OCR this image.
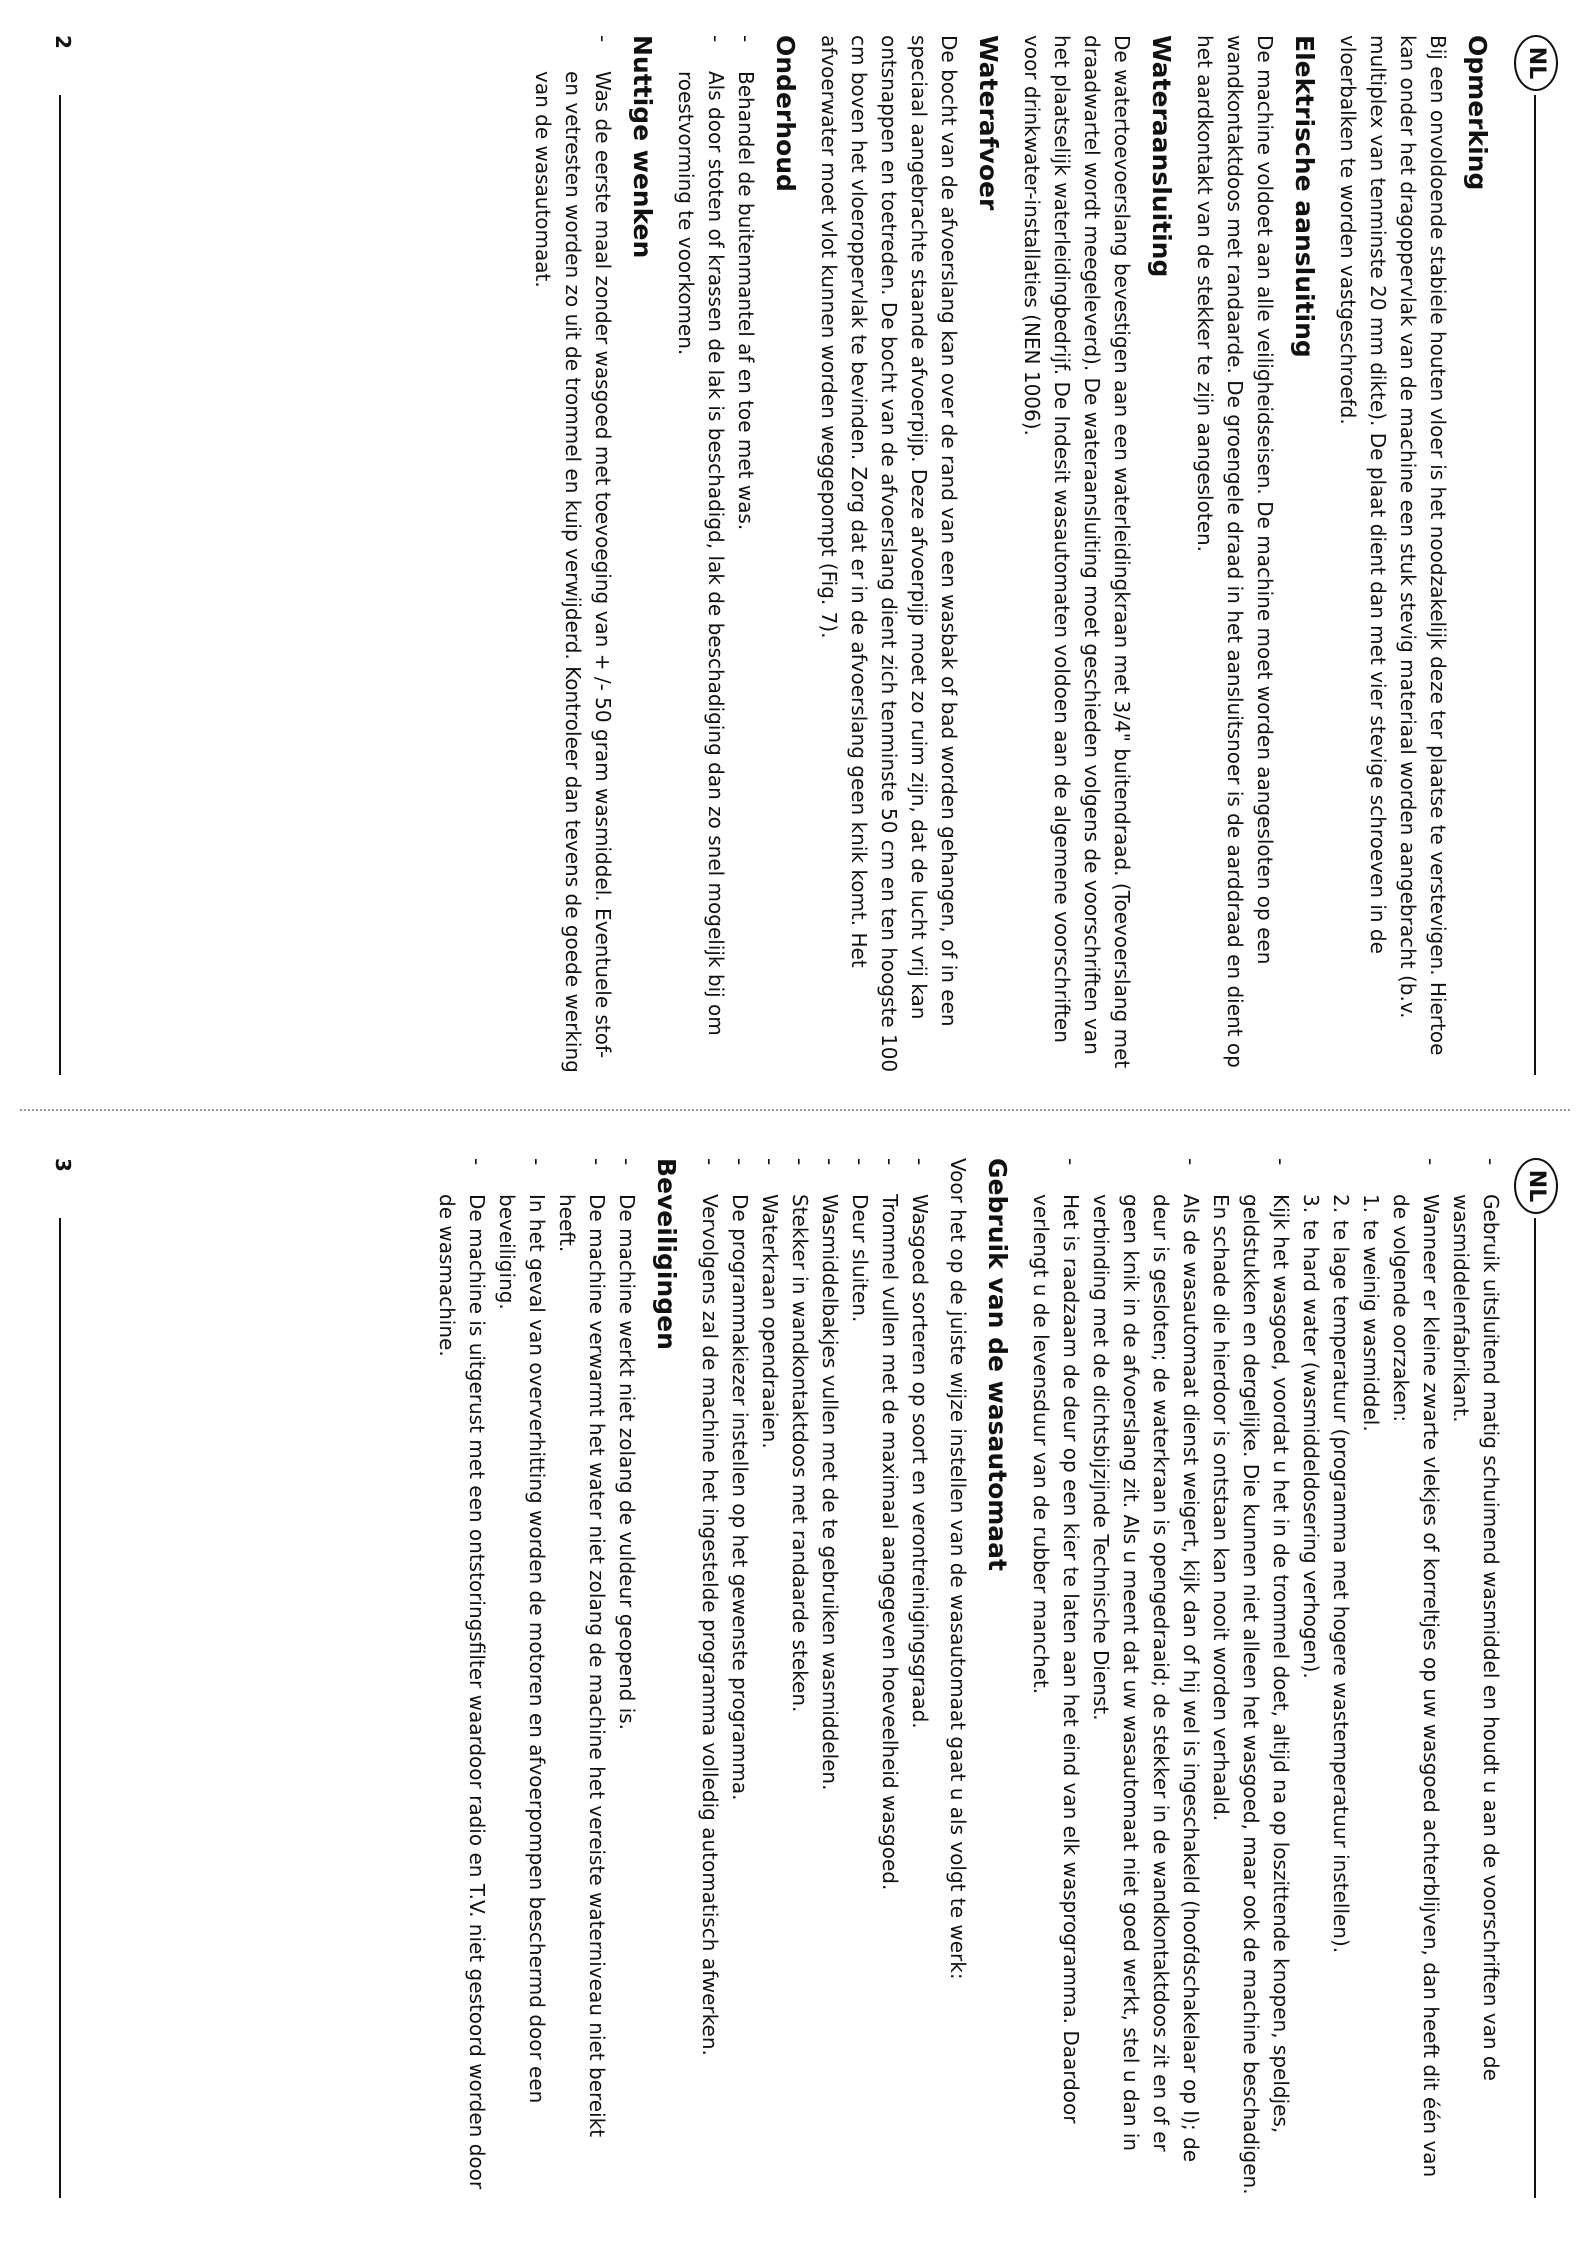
NL
Opmerking

Bij een onvoldoende stabiele houten vloer is het noodzakelijk deze ter plaatse te verstevigen. Hiertoe kan onder het dragoppervlak van de machine een stuk stevig materiaal worden aangebracht (b.v. multiplex van tenminste 20 mm dikte). De plaat dient dan met vier stevige schroeven in de vloerbalken te worden vastgeschroefd.

Elektrische aansluiting

De machine voldoet aan alle veiligheidseisen. De machine moet worden aangesloten op een wandkontaktdoos met randaarde. De groengele draad in het aansluitsnoer is de aarddraad en dient op het aardkontakt van de stekker te zijn aangesloten.

Wateraansluiting

De watertoevoerslang bevestigen aan een waterleidingkraan met 3/4" buitendraad. (Toevoerslang met draadwartel wordt meegeleverd). De wateraansluiting moet geschieden volgens de voorschriften van het plaatselijk waterleidingbedrijf. De Indesit wasautomaten voldoen aan de algemene voorschriften voor drinkwater-installaties (NEN 1006).

Waterafvoer

De bocht van de afvoerslang kan over de rand van een wasbak of bad worden gehangen, of in een speciaal aangebrachte staande afvoerpijp. Deze afvoerpijp moet zo ruim zijn, dat de lucht vrij kan ontsnappen en toetreden. De bocht van de afvoerslang dient zich tenminste 50 cm en ten hoogste 100 cm boven het vloeroppervlak te bevinden. Zorg dat er in de afvoerslang geen knik komt. Het afvoerwater moet vlot kunnen worden weggepompt (Fig. 7).

Onderhoud
-
Behandel de buitenmantel af en toe met was.
-
Als door stoten of krassen de lak is beschadigd, lak de beschadiging dan zo snel mogelijk bij om roestvorming te voorkomen.
Nuttige wenken
-
Was de eerste maal zonder wasgoed met toevoeging van + /- 50 gram wasmiddel. Eventuele stof- en vetresten worden zo uit de trommel en kuip verwijderd. Kontroleer dan tevens de goede werking van de wasautomaat.
2
NL
-
Gebruik uitsluitend matig schuimend wasmiddel en houdt u aan de voorschriften van de wasmiddelenfabrikant.
-
Wanneer er kleine zwarte vlekjes of korreltjes op uw wasgoed achterblijven, dan heeft dit één van de volgende oorzaken:
1.te weinig wasmiddel.
2.te lage temperatuur (programma met hogere wastemperatuur instellen).
3.te hard water (wasmiddeldosering verhogen).
-
Kijk het wasgoed, voordat u het in de trommel doet, altijd na op loszittende knopen, speldjes, geldstukken en dergelijke. Die kunnen niet alleen het wasgoed, maar ook de machine beschadigen. En schade die hierdoor is ontstaan kan nooit worden verhaald.
-
Als de wasautomaat dienst weigert, kijk dan of hij wel is ingeschakeld (hoofdschakelaar op I); de deur is gesloten; de waterkraan is opengedraaid; de stekker in de wandkontaktdoos zit en of er geen knik in de afvoerslang zit. Als u meent dat uw wasautomaat niet goed werkt, stel u dan in verbinding met de dichtsbijzijnde Technische Dienst.
-
Het is raadzaam de deur op een kier te laten aan het eind van elk wasprogramma. Daardoor verlengt u de levensduur van de rubber manchet.
Gebruik van de wasautomaat

Voor het op de juiste wijze instellen van de wasautomaat gaat u als volgt te werk:

-
Wasgoed sorteren op soort en verontreinigingsgraad.
-
Trommel vullen met de maximaal aangegeven hoeveelheid wasgoed.
-
Deur sluiten.
-
Wasmiddelbakjes vullen met de te gebruiken wasmiddelen.
-
Stekker in wandkontaktdoos met randaarde steken.
-
Waterkraan opendraaien.
-
De programmakiezer instellen op het gewenste programma.
-
Vervolgens zal de machine het ingestelde programma volledig automatisch afwerken.
Beveiligingen
-
De machine werkt niet zolang de vuldeur geopend is.
-
De machine verwarmt het water niet zolang de machine het vereiste waterniveau niet bereikt heeft.
-
In het geval van oververhitting worden de motoren en afvoerpompen beschermd door een beveiliging.
-
De machine is uitgerust met een ontstoringsfilter waardoor radio en T.V. niet gestoord worden door de wasmachine.
3
